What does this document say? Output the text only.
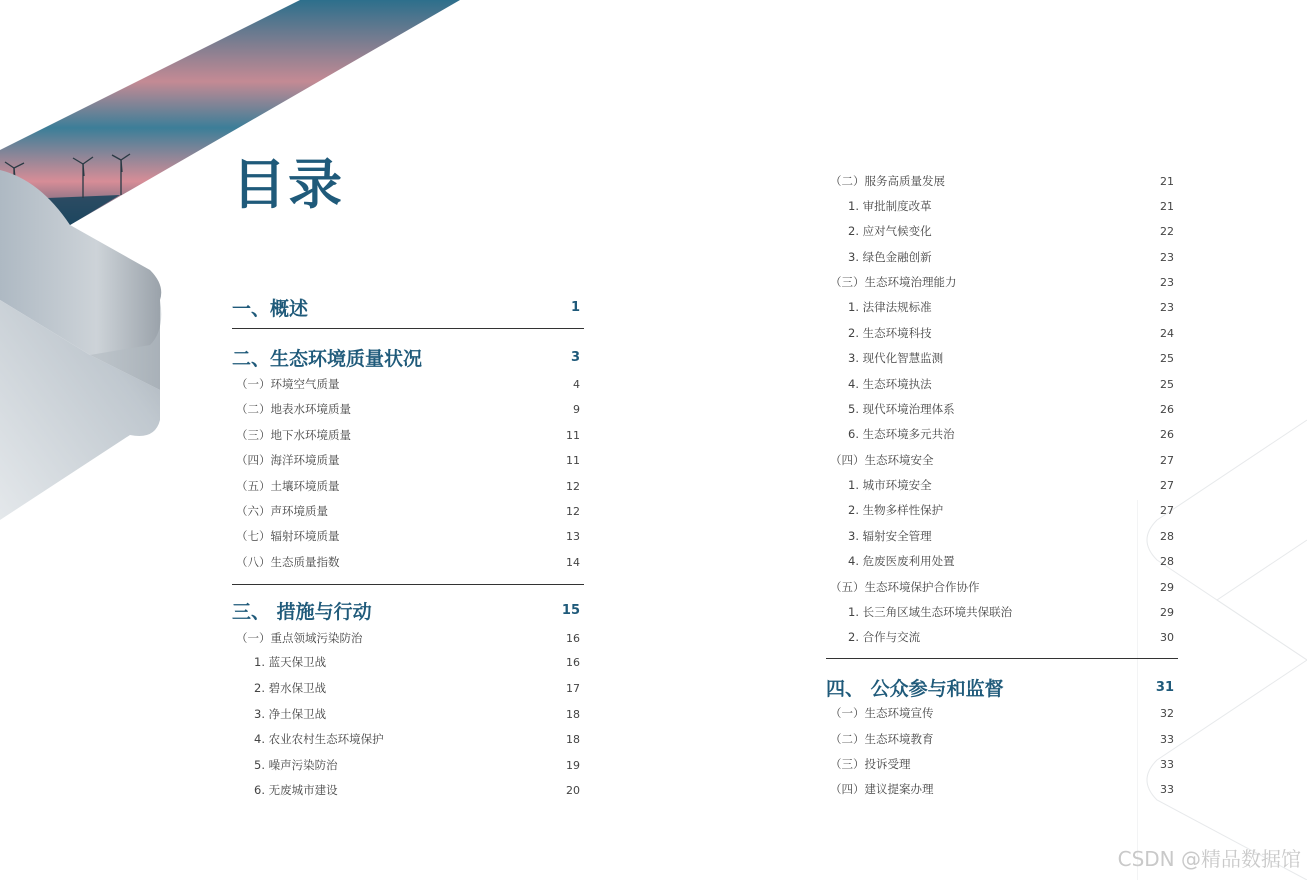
目录
一、概述	1
二、生态环境质量状况	3
（一）环境空气质量	4
（二）地表水环境质量	9
（三）地下水环境质量	11
（四）海洋环境质量	11
（五）土壤环境质量	12
（六）声环境质量	12
（七）辐射环境质量	13
（八）生态质量指数	14
三、 措施与行动	15
（一）重点领域污染防治	16
1. 蓝天保卫战	16
2. 碧水保卫战	17
3. 净土保卫战	18
4. 农业农村生态环境保护	18
5. 噪声污染防治	19
6. 无废城市建设	20
（二）服务高质量发展	21
1. 审批制度改革	21
2. 应对气候变化	22
3. 绿色金融创新	23
（三）生态环境治理能力	23
1. 法律法规标准	23
2. 生态环境科技	24
3. 现代化智慧监测	25
4. 生态环境执法	25
5. 现代环境治理体系	26
6. 生态环境多元共治	26
（四）生态环境安全	27
1. 城市环境安全	27
2. 生物多样性保护	27
3. 辐射安全管理	28
4. 危废医废利用处置	28
（五）生态环境保护合作协作	29
1. 长三角区域生态环境共保联治	29
2. 合作与交流	30
四、 公众参与和监督	31
（一）生态环境宣传	32
（二）生态环境教育	33
（三）投诉受理	33
（四）建议提案办理	33
CSDN @精品数据馆
